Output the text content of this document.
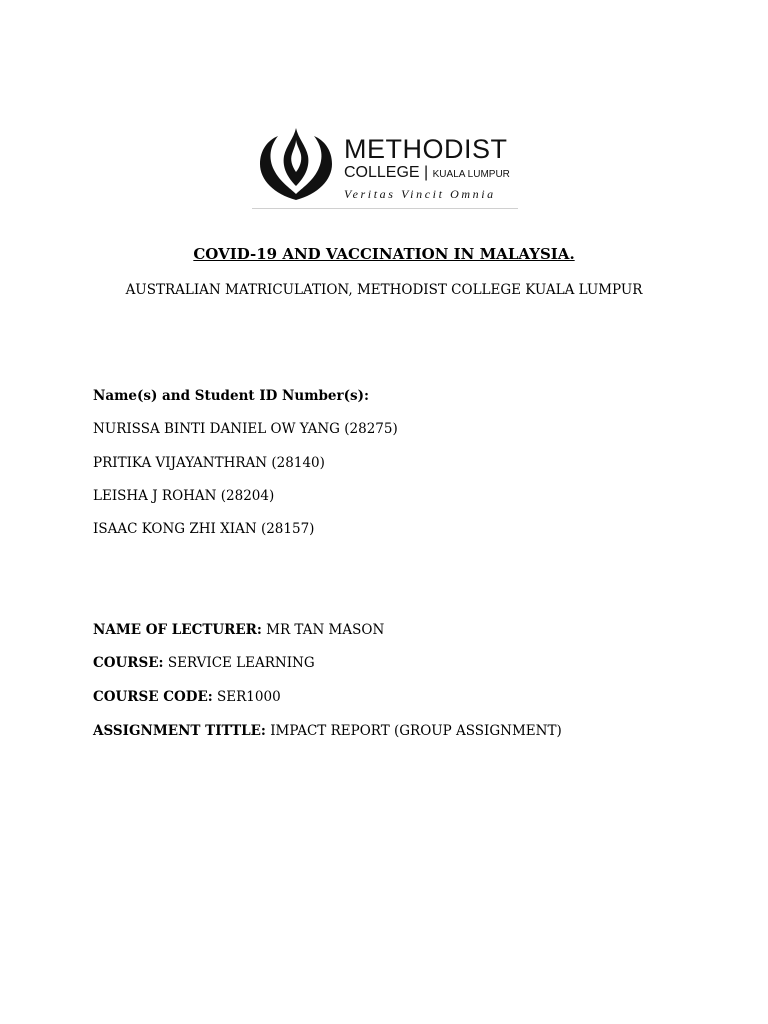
METHODIST
COLLEGE | KUALA LUMPUR
Veritas Vincit Omnia
COVID-19 AND VACCINATION IN MALAYSIA.
AUSTRALIAN MATRICULATION, METHODIST COLLEGE KUALA LUMPUR
Name(s) and Student ID Number(s):
NURISSA BINTI DANIEL OW YANG (28275)
PRITIKA VIJAYANTHRAN (28140)
LEISHA J ROHAN (28204)
ISAAC KONG ZHI XIAN (28157)
NAME OF LECTURER: MR TAN MASON
COURSE: SERVICE LEARNING
COURSE CODE: SER1000
ASSIGNMENT TITTLE: IMPACT REPORT (GROUP ASSIGNMENT)
